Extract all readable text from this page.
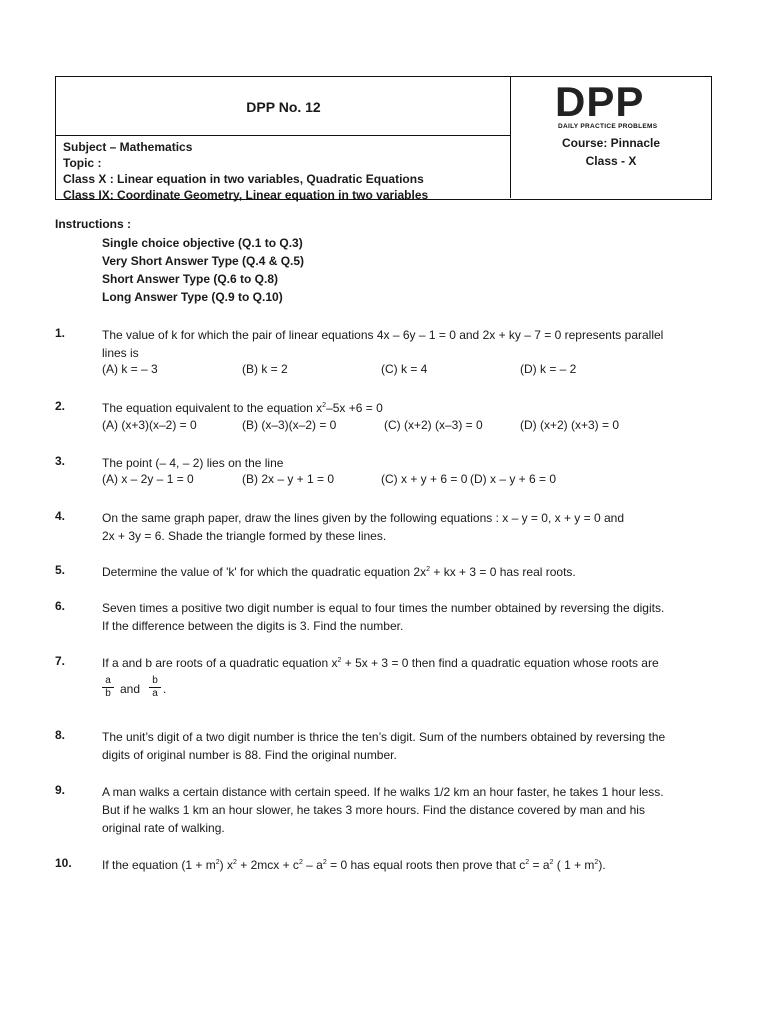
DPP No. 12
Subject – Mathematics
Topic :
Class X : Linear equation in two variables, Quadratic Equations
Class IX: Coordinate Geometry, Linear equation in two variables
DPP
DAILY PRACTICE PROBLEMS
Course: Pinnacle
Class - X
Instructions :
Single choice objective (Q.1 to Q.3)
Very Short Answer Type (Q.4 & Q.5)
Short Answer Type (Q.6 to Q.8)
Long Answer Type (Q.9 to Q.10)
1.	The value of k for which the pair of linear equations 4x – 6y – 1 = 0 and 2x + ky – 7 = 0 represents parallel
lines is
(A) k = – 3	(B) k = 2	(C) k = 4	(D) k = – 2
2.	The equation equivalent to the equation $x^2-5x +6 = 0$
(A) (x+3)(x–2) = 0	(B) (x–3)(x–2) = 0	(C) (x+2) (x–3) = 0	(D) (x+2) (x+3) = 0
3.	The point (– 4, – 2) lies on the line
(A) x – 2y – 1 = 0	(B) 2x – y + 1 = 0	(C) x + y + 6 = 0 (D) x – y + 6 = 0
4.	On the same graph paper, draw the lines given by the following equations : x – y = 0, x + y = 0 and
2x + 3y = 6. Shade the triangle formed by these lines.
5.	Determine the value of 'k' for which the quadratic equation $2x^2$ + kx + 3 = 0 has real roots.
6.	Seven times a positive two digit number is equal to four times the number obtained by reversing the digits.
If the difference between the digits is 3. Find the number.
7.	If a and b are roots of a quadratic equation $x^2 + 5x + 3 = 0$ then find a quadratic equation whose roots are
$\frac{a}{b}$ and $\frac{b}{a}$ .
8.	The unit’s digit of a two digit number is thrice the ten’s digit. Sum of the numbers obtained by reversing the
digits of original number is 88. Find the original number.
9.	A man walks a certain distance with certain speed. If he walks 1/2 km an hour faster, he takes 1 hour less.
But if he walks 1 km an hour slower, he takes 3 more hours. Find the distance covered by man and his
original rate of walking.
10.	If the equation $(1 + m^2)$ $x^2 + 2mcx + c^2 - a^2 = 0$ has equal roots then prove that $c^2 = a^2$ ( $1 + m^2$).
